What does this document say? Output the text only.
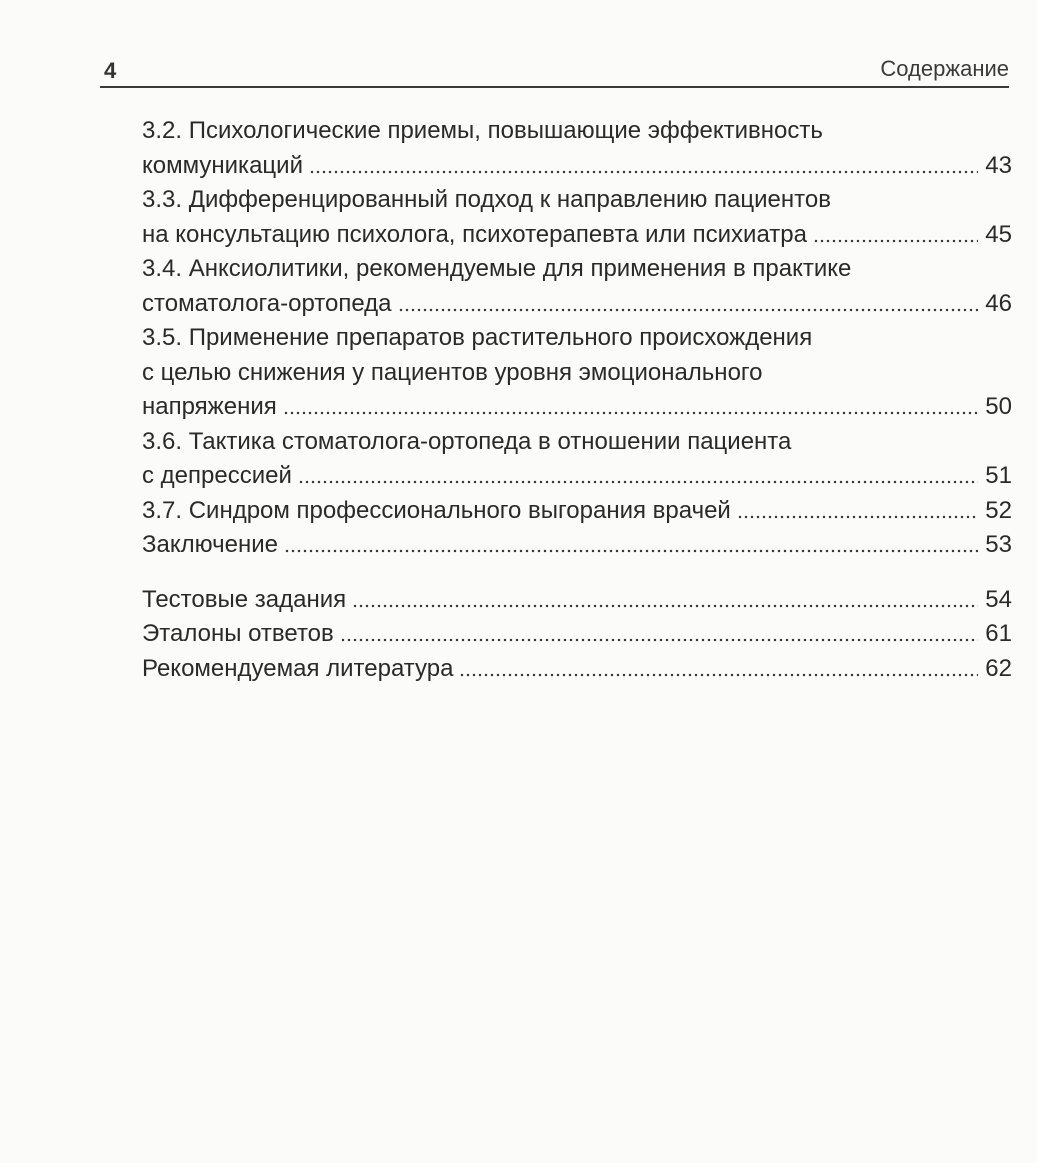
4	Содержание
3.2. Психологические приемы, повышающие эффективность
коммуникаций	43
3.3. Дифференцированный подход к направлению пациентов
на консультацию психолога, психотерапевта или психиатра	45
3.4. Анксиолитики, рекомендуемые для применения в практике
стоматолога-ортопеда	46
3.5. Применение препаратов растительного происхождения
с целью снижения у пациентов уровня эмоционального
напряжения	50
3.6. Тактика стоматолога-ортопеда в отношении пациента
с депрессией	51
3.7. Синдром профессионального выгорания врачей	52
Заключение	53
Тестовые задания	54
Эталоны ответов	61
Рекомендуемая литература	62
